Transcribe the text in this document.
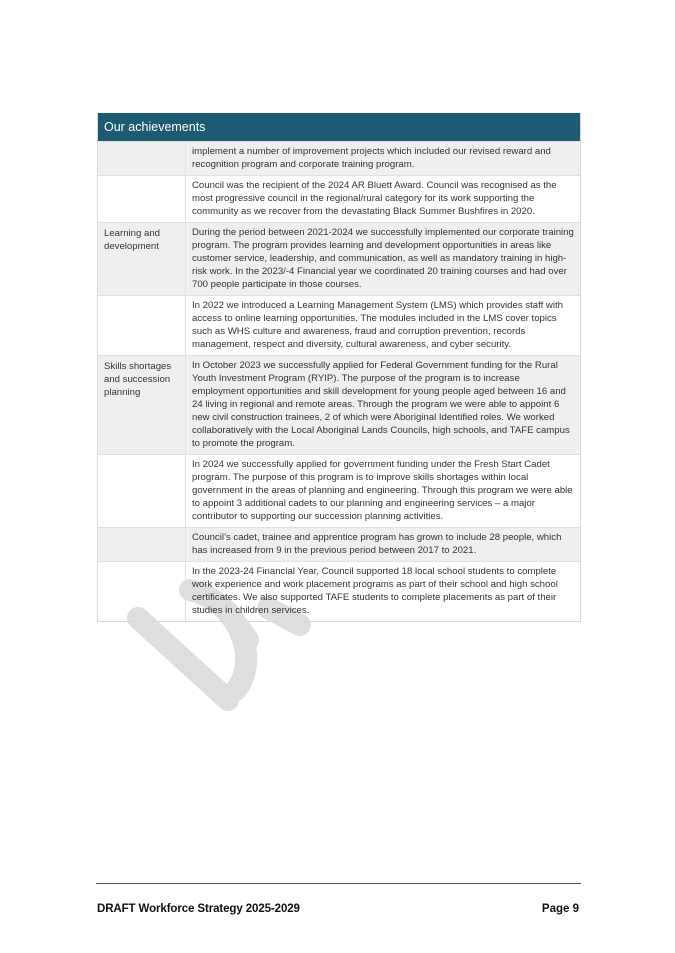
Our achievements
implement a number of improvement projects which included our revised reward and recognition program and corporate training program.
Council was the recipient of the 2024 AR Bluett Award. Council was recognised as the most progressive council in the regional/rural category for its work supporting the community as we recover from the devastating Black Summer Bushfires in 2020.
Learning and development
During the period between 2021-2024 we successfully implemented our corporate training program. The program provides learning and development opportunities in areas like customer service, leadership, and communication, as well as mandatory training in high-risk work. In the 2023/-4 Financial year we coordinated 20 training courses and had over 700 people participate in those courses.
In 2022 we introduced a Learning Management System (LMS) which provides staff with access to online learning opportunities. The modules included in the LMS cover topics such as WHS culture and awareness, fraud and corruption prevention, records management, respect and diversity, cultural awareness, and cyber security.
Skills shortages and succession planning
In October 2023 we successfully applied for Federal Government funding for the Rural Youth Investment Program (RYIP). The purpose of the program is to increase employment opportunities and skill development for young people aged between 16 and 24 living in regional and remote areas. Through the program we were able to appoint 6 new civil construction trainees, 2 of which were Aboriginal Identified roles. We worked collaboratively with the Local Aboriginal Lands Councils, high schools, and TAFE campus to promote the program.
In 2024 we successfully applied for government funding under the Fresh Start Cadet program. The purpose of this program is to improve skills shortages within local government in the areas of planning and engineering. Through this program we were able to appoint 3 additional cadets to our planning and engineering services – a major contributor to supporting our succession planning activities.
Council’s cadet, trainee and apprentice program has grown to include 28 people, which has increased from 9 in the previous period between 2017 to 2021.
In the 2023-24 Financial Year, Council supported 18 local school students to complete work experience and work placement programs as part of their school and high school certificates. We also supported TAFE students to complete placements as part of their studies in children services.
DRAFT Workforce Strategy 2025-2029	Page 9
